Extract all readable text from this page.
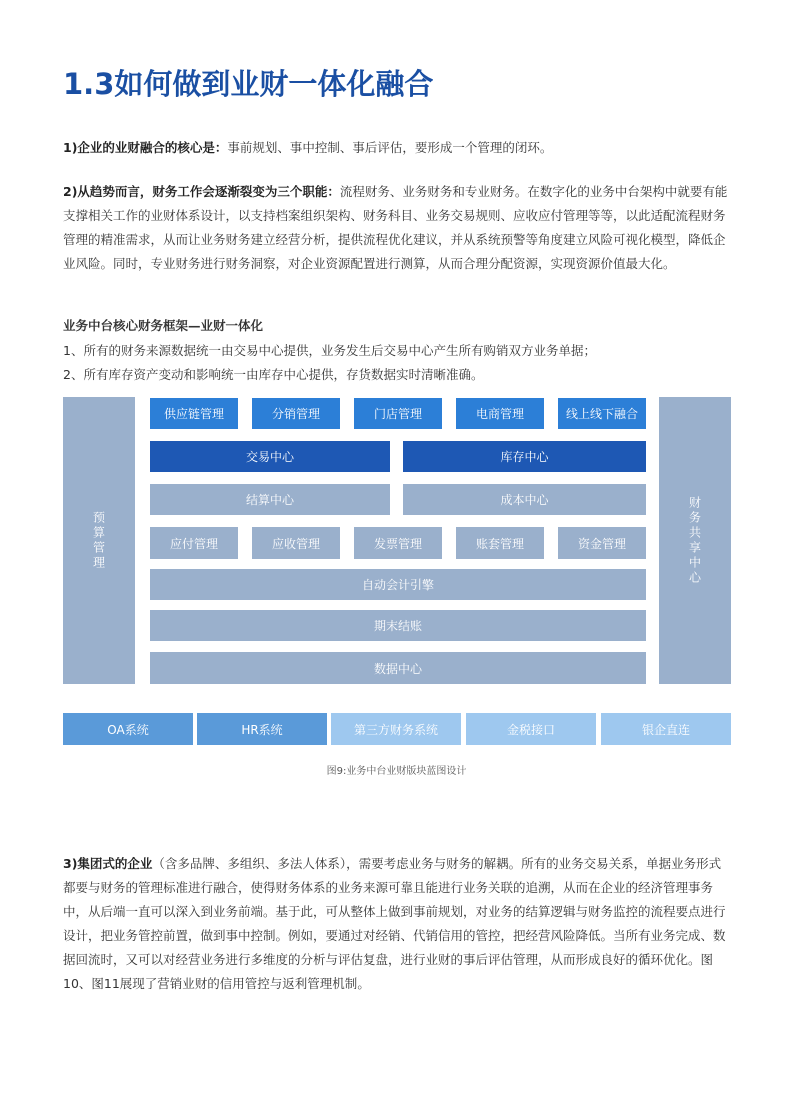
1.3如何做到业财一体化融合

1)企业的业财融合的核心是：事前规划、事中控制、事后评估，要形成一个管理的闭环。

2)从趋势而言，财务工作会逐渐裂变为三个职能：流程财务、业务财务和专业财务。在数字化的业务中台架构中就要有能支撑相关工作的业财体系设计，以支持档案组织架构、财务科目、业务交易规则、应收应付管理等等，以此适配流程财务管理的精准需求，从而让业务财务建立经营分析，提供流程优化建议，并从系统预警等角度建立风险可视化模型，降低企业风险。同时，专业财务进行财务洞察，对企业资源配置进行测算，从而合理分配资源，实现资源价值最大化。

业务中台核心财务框架—业财一体化

1、所有的财务来源数据统一由交易中心提供，业务发生后交易中心产生所有购销双方业务单据；

2、所有库存资产变动和影响统一由库存中心提供，存货数据实时清晰准确。

预算管理	财务共享中心
供应链管理	分销管理	门店管理	电商管理	线上线下融合
交易中心	库存中心
结算中心	成本中心
应付管理	应收管理	发票管理	账套管理	资金管理
自动会计引擎
期末结账
数据中心
OA系统	HR系统	第三方财务系统	金税接口	银企直连

图9:业务中台业财版块蓝图设计

3)集团式的企业（含多品牌、多组织、多法人体系），需要考虑业务与财务的解耦。所有的业务交易关系，单据业务形式都要与财务的管理标准进行融合，使得财务体系的业务来源可靠且能进行业务关联的追溯，从而在企业的经济管理事务中，从后端一直可以深入到业务前端。基于此，可从整体上做到事前规划，对业务的结算逻辑与财务监控的流程要点进行设计，把业务管控前置，做到事中控制。例如，要通过对经销、代销信用的管控，把经营风险降低。当所有业务完成、数据回流时，又可以对经营业务进行多维度的分析与评估复盘，进行业财的事后评估管理，从而形成良好的循环优化。图10、图11展现了营销业财的信用管控与返利管理机制。
